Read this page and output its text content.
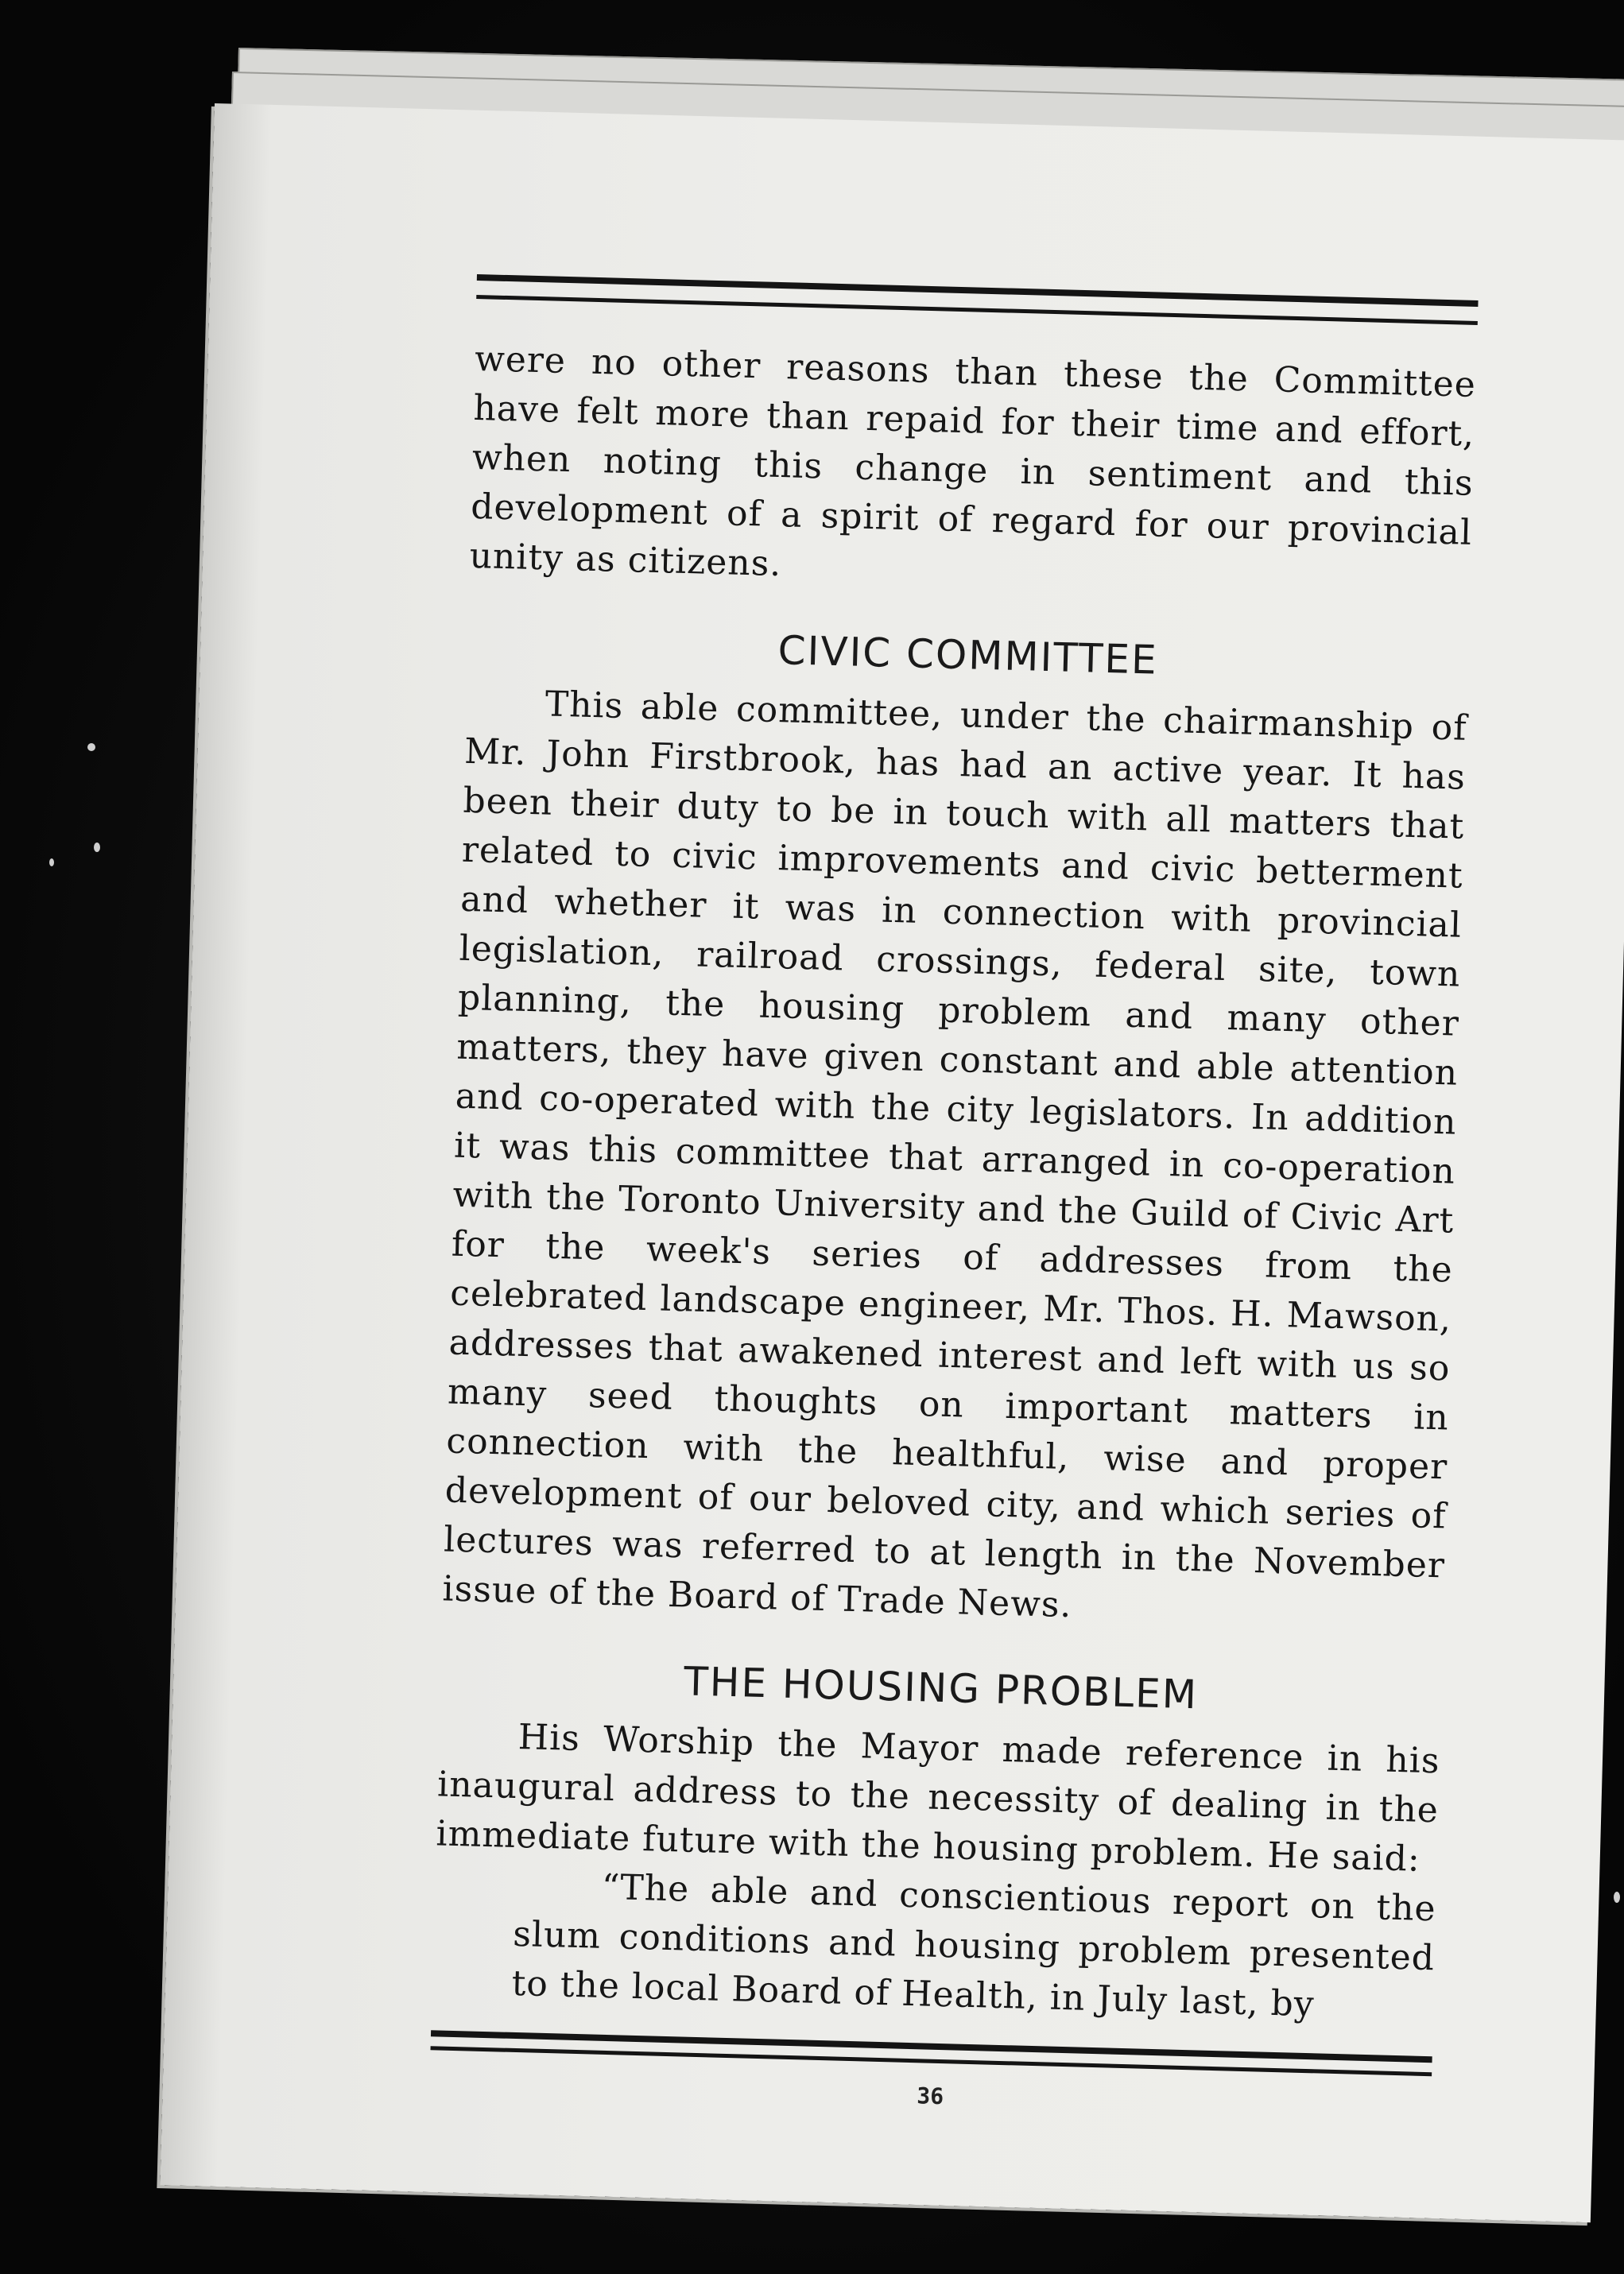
were no other reasons than these the Committee have felt more than repaid for their time and effort, when noting this change in sentiment and this development of a spirit of regard for our provincial unity as citizens.

CIVIC COMMITTEE

This able committee, under the chairmanship of Mr. John Firstbrook, has had an active year. It has been their duty to be in touch with all matters that related to civic improvements and civic betterment and whether it was in connection with provincial legislation, railroad crossings, federal site, town planning, the housing problem and many other matters, they have given constant and able attention and co-operated with the city legislators. In addition it was this committee that arranged in co-operation with the Toronto University and the Guild of Civic Art for the week's series of addresses from the celebrated landscape engineer, Mr. Thos. H. Mawson, addresses that awakened interest and left with us so many seed thoughts on important matters in connection with the healthful, wise and proper development of our beloved city, and which series of lectures was referred to at length in the November issue of the Board of Trade News.

THE HOUSING PROBLEM

His Worship the Mayor made reference in his inaugural address to the necessity of dealing in the immediate future with the housing problem. He said:

“The able and conscientious report on the slum conditions and housing problem presented to the local Board of Health, in July last, by

36
